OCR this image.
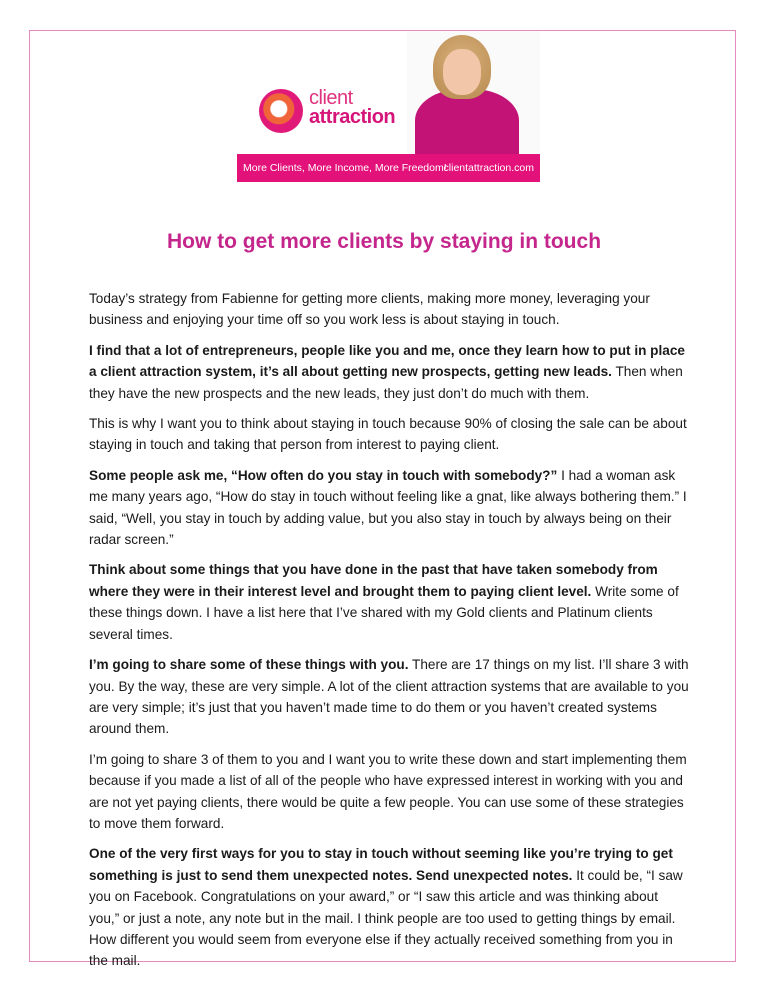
client
attraction
More Clients, More Income, More Freedom!
clientattraction.com
How to get more clients by staying in touch

Today’s strategy from Fabienne for getting more clients, making more money, leveraging your business and enjoying your time off so you work less is about staying in touch.

I find that a lot of entrepreneurs, people like you and me, once they learn how to put in place a client attraction system, it’s all about getting new prospects, getting new leads. Then when they have the new prospects and the new leads, they just don’t do much with them.

This is why I want you to think about staying in touch because 90% of closing the sale can be about staying in touch and taking that person from interest to paying client.

Some people ask me, “How often do you stay in touch with somebody?” I had a woman ask me many years ago, “How do stay in touch without feeling like a gnat, like always bothering them.” I said, “Well, you stay in touch by adding value, but you also stay in touch by always being on their radar screen.”

Think about some things that you have done in the past that have taken somebody from where they were in their interest level and brought them to paying client level. Write some of these things down. I have a list here that I’ve shared with my Gold clients and Platinum clients several times.

I’m going to share some of these things with you. There are 17 things on my list. I’ll share 3 with you. By the way, these are very simple. A lot of the client attraction systems that are available to you are very simple; it’s just that you haven’t made time to do them or you haven’t created systems around them.

I’m going to share 3 of them to you and I want you to write these down and start implementing them because if you made a list of all of the people who have expressed interest in working with you and are not yet paying clients, there would be quite a few people. You can use some of these strategies to move them forward.

One of the very first ways for you to stay in touch without seeming like you’re trying to get something is just to send them unexpected notes. Send unexpected notes. It could be, “I saw you on Facebook. Congratulations on your award,” or “I saw this article and was thinking about you,” or just a note, any note but in the mail. I think people are too used to getting things by email. How different you would seem from everyone else if they actually received something from you in the mail.
